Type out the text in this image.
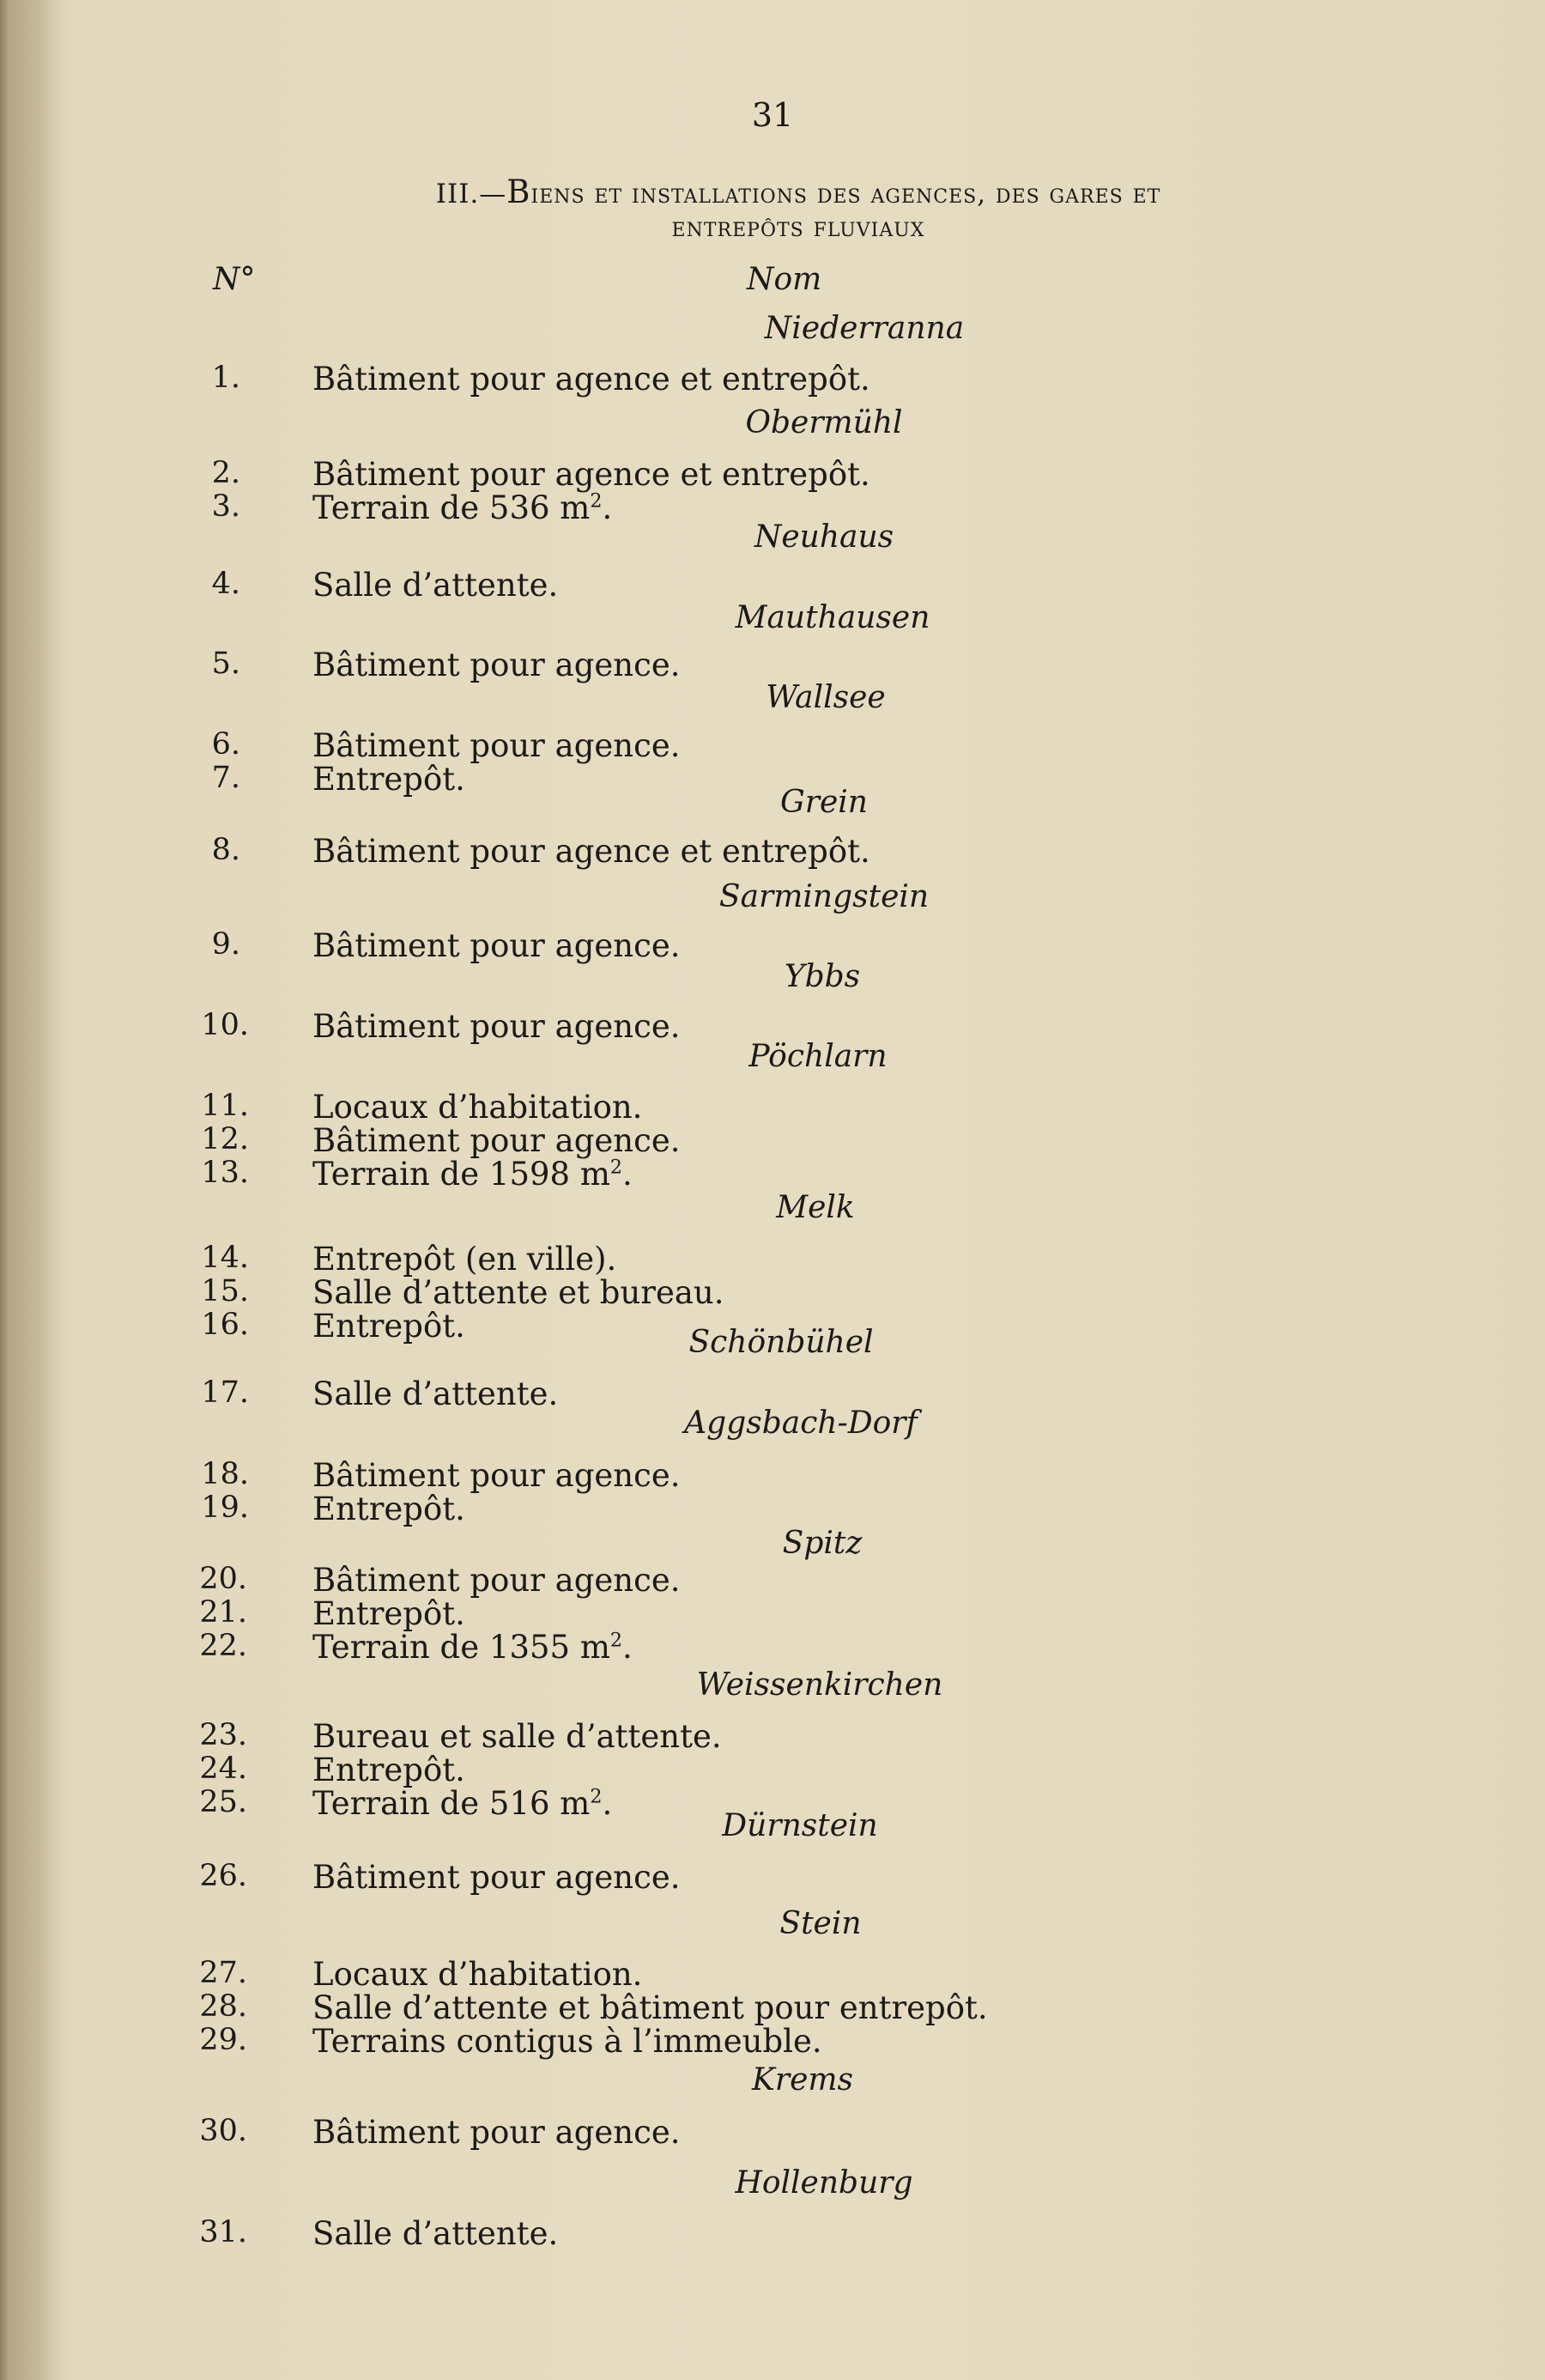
31
III.—Biens et installations des agences, des gares et
entrepôts fluviaux
N°	Nom
Niederranna
1. Bâtiment pour agence et entrepôt.
Obermühl
2. Bâtiment pour agence et entrepôt.
3. Terrain de 536 $m^2$.
Neuhaus
4. Salle d’attente.
Mauthausen
5. Bâtiment pour agence.
Wallsee
6. Bâtiment pour agence.
7. Entrepôt.
Grein
8. Bâtiment pour agence et entrepôt.
Sarmingstein
9. Bâtiment pour agence.
Ybbs
10. Bâtiment pour agence.
Pöchlarn
11. Locaux d’habitation.
12. Bâtiment pour agence.
13. Terrain de 1598 $m^2$.
Melk
14. Entrepôt (en ville).
15. Salle d’attente et bureau.
16. Entrepôt.	Schönbühel
17. Salle d’attente.
Aggsbach-Dorf
18. Bâtiment pour agence.
19. Entrepôt.
Spitz
20. Bâtiment pour agence.
21. Entrepôt.
22. Terrain de 1355 $m^2$.
Weissenkirchen
23. Bureau et salle d’attente.
24. Entrepôt.
25. Terrain de 516 $m^2$.
Dürnstein
26. Bâtiment pour agence.
Stein
27. Locaux d’habitation.
28. Salle d’attente et bâtiment pour entrepôt.
29. Terrains contigus à l’immeuble.
Krems
30. Bâtiment pour agence.
Hollenburg
31. Salle d’attente.
